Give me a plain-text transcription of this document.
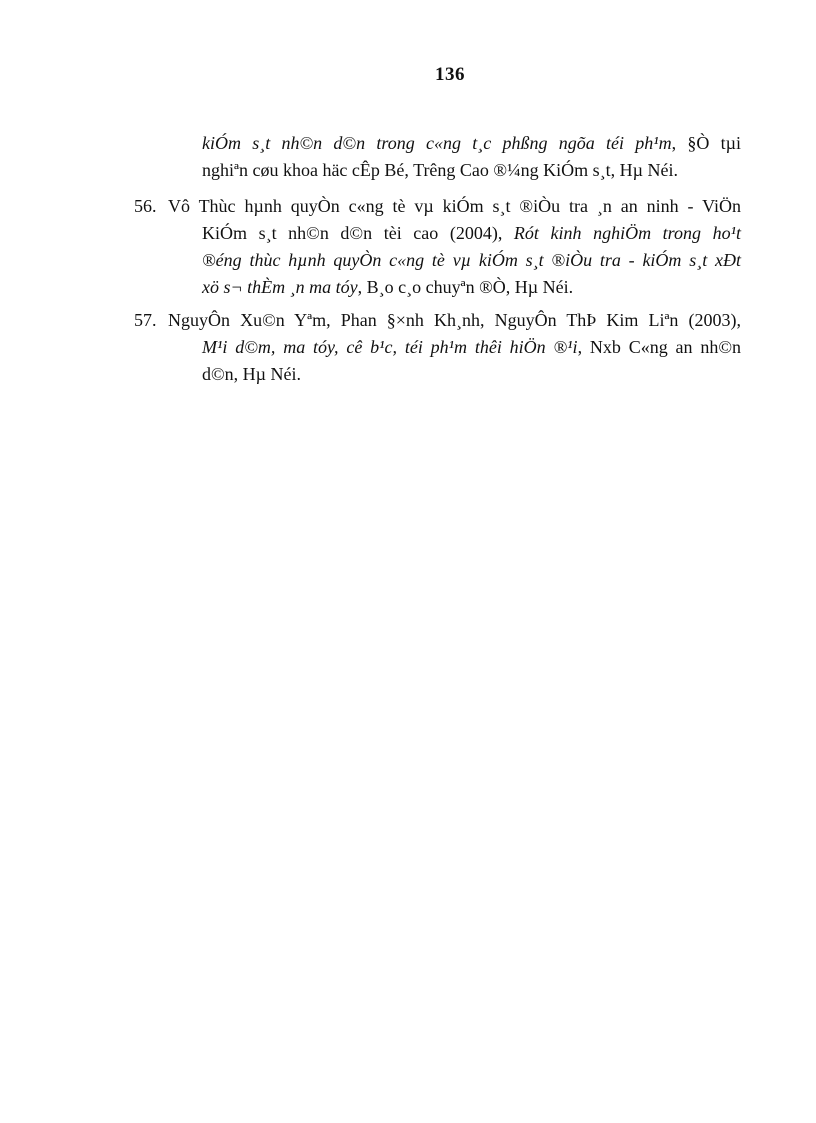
136
kiÓm s¸t nh©n d©n trong c«ng t¸c phßng ngõa téi ph¹m, §Ò tµi
nghiªn cøu khoa häc cÊp Bé, Trêng Cao ®¼ng KiÓm s¸t, Hµ Néi.
56. Vô Thùc hµnh quyÒn c«ng tè vµ kiÓm s¸t ®iÒu tra ¸n an ninh - ViÖn
KiÓm s¸t nh©n d©n tèi cao (2004), Rót kinh nghiÖm trong ho¹t
®éng thùc hµnh quyÒn c«ng tè vµ kiÓm s¸t ®iÒu tra - kiÓm s¸t xÐt
xö s¬ thÈm ¸n ma tóy, B¸o c¸o chuyªn ®Ò, Hµ Néi.
57. NguyÔn Xu©n Yªm, Phan §×nh Kh¸nh, NguyÔn ThÞ Kim Liªn (2003),
M¹i d©m, ma tóy, cê b¹c, téi ph¹m thêi hiÖn ®¹i, Nxb C«ng an nh©n
d©n, Hµ Néi.
